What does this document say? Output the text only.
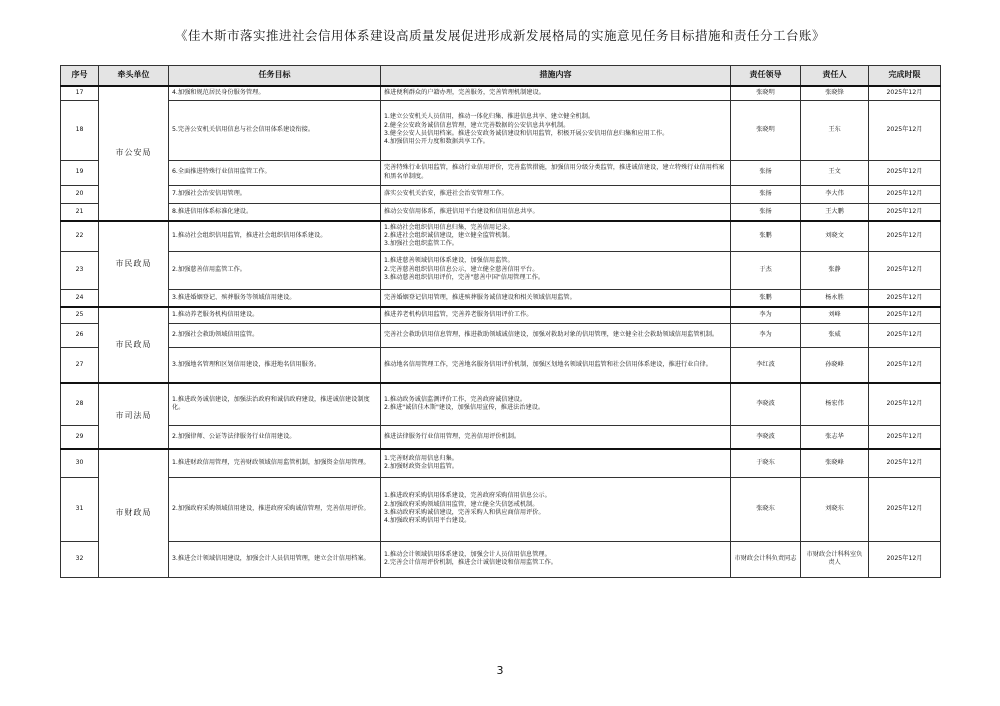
《佳木斯市落实推进社会信用体系建设高质量发展促进形成新发展格局的实施意见任务目标措施和责任分工台账》
序号	牵头单位	任务目标	措施内容	责任领导	责任人	完成时限
17	市公安局	4.加强和规范居民身份服务管理。	推进便利群众的户籍办理，完善服务，完善管理机制建设。	张晓明	张晓锋	2025年12月
18		5.完善公安机关信用信息与社会信用体系建设衔接。	1.建立公安机关人员信用，推动一体化归集、推进信息共享、建立健全机制。
2.健全公安政务诚信信息管理，建立完善数据的公安信息共享机制。
3.健全公安人员信用档案。推进公安政务诚信建设和信用监管，积极开展公安信用信息归集和应用工作。
4.加强信用公开力度和数据共享工作。	张晓明	王东	2025年12月
19		6.全面推进特殊行业信用监管工作。	完善特殊行业信用监管，推动行业信用评价，完善监管措施，加强信用分级分类监管，推进诚信建设，建立特殊行业信用档案和黑名单制度。	张扬	王文	2025年12月
20		7.加强社会治安信用管理。	落实公安机关治安，推进社会治安管理工作。	张扬	李大伟	2025年12月
21		8.推进信用体系标准化建设。	推动公安信用体系，推进信用平台建设和信用信息共享。	张扬	王大鹏	2025年12月
22	市民政局	1.推动社会组织信用监管，推进社会组织信用体系建设。	1.推动社会组织信用信息归集，完善信用记录。
2.推进社会组织诚信建设，建立健全监管机制。
3.加强社会组织监管工作。	张鹏	刘晓文	2025年12月
23		2.加强慈善信用监管工作。	1.推进慈善领域信用体系建设，加强信用监管。
2.完善慈善组织信用信息公示，建立健全慈善信用平台。
3.推动慈善组织信用评价，完善"慈善中国"信用管理工作。	于杰	张静	2025年12月
24		3.推进婚姻登记、殡葬服务等领域信用建设。	完善婚姻登记信用管理，推进殡葬服务诚信建设和相关领域信用监管。	张鹏	杨永胜	2025年12月
25	市民政局	1.推动养老服务机构信用建设。	推进养老机构信用监管，完善养老服务信用评价工作。	李为	刘峰	2025年12月
26		2.加强社会救助领域信用监管。	完善社会救助信用信息管理，推进救助领域诚信建设，加强对救助对象的信用管理，建立健全社会救助领域信用监管机制。	李为	张威	2025年12月
27		3.加强地名管理和区划信用建设，推进地名信用服务。	推动地名信用管理工作，完善地名服务信用评价机制，加强区划地名领域信用监管和社会信用体系建设，推进行业自律。	李红波	孙晓峰	2025年12月
28	市司法局	1.推进政务诚信建设，加强法治政府和诚信政府建设，推进诚信建设制度化。	1.推动政务诚信监测评价工作，完善政府诚信建设。
2.推进"诚信佳木斯"建设，加强信用宣传，推进法治建设。	李晓波	杨宏伟	2025年12月
29		2.加强律师、公证等法律服务行业信用建设。	推进法律服务行业信用管理，完善信用评价机制。	李晓波	张志华	2025年12月
30	市财政局	1.推进财政信用管理，完善财政领域信用监管机制，加强资金信用管理。	1.完善财政信用信息归集。
2.加强财政资金信用监管。	于晓东	张晓峰	2025年12月
31		2.加强政府采购领域信用建设，推进政府采购诚信管理，完善信用评价。	1.推进政府采购信用体系建设，完善政府采购信用信息公示。
2.加强政府采购领域信用监管，建立健全失信惩戒机制。
3.推动政府采购诚信建设，完善采购人和供应商信用评价。
4.加强政府采购信用平台建设。	张晓东	刘晓东	2025年12月
32		3.推进会计领域信用建设，加强会计人员信用管理，建立会计信用档案。	1.推动会计领域信用体系建设，加强会计人员信用信息管理。
2.完善会计信用评价机制，推进会计诚信建设和信用监管工作。	市财政会计科负责同志	市财政会计科科室负责人	2025年12月
3
